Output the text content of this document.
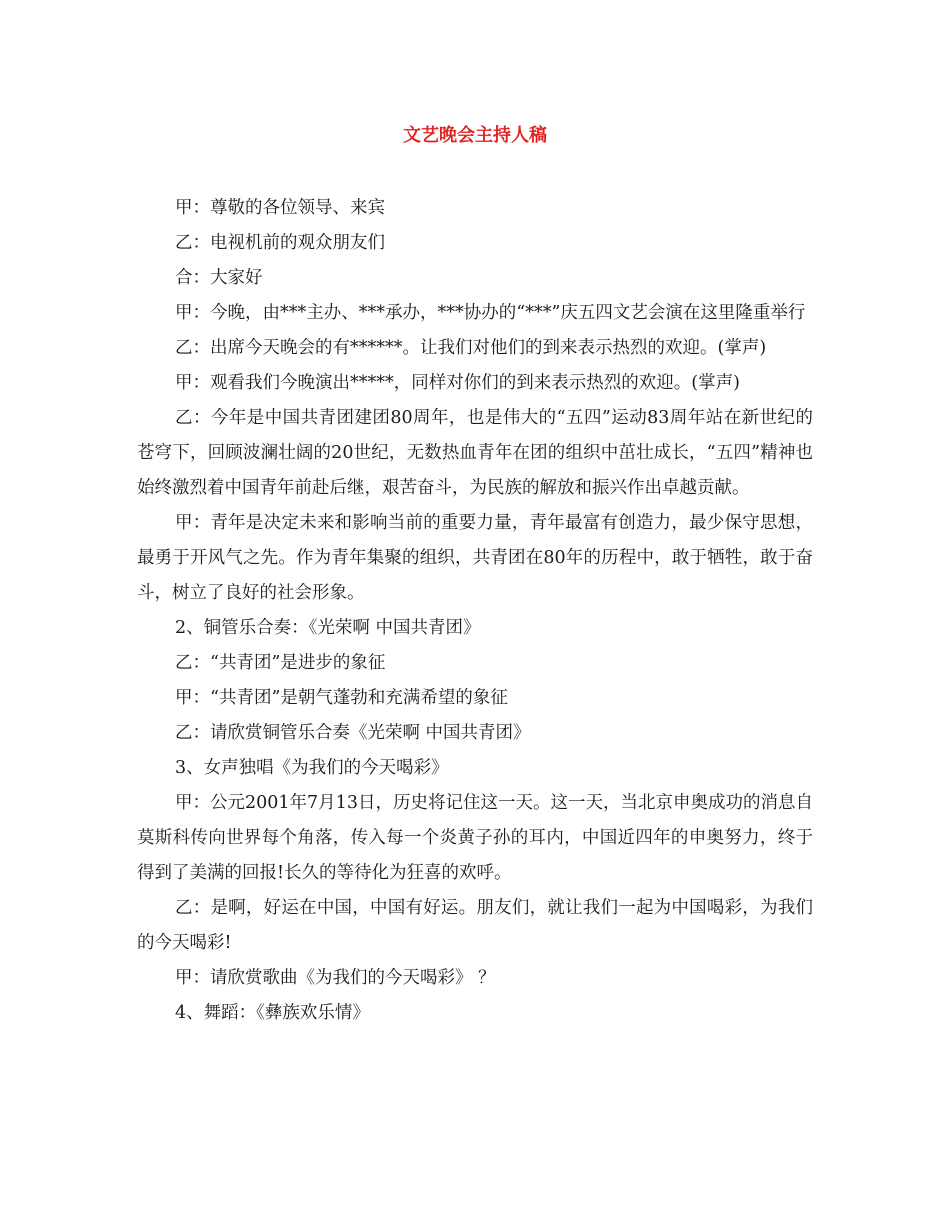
文艺晚会主持人稿

甲：尊敬的各位领导、来宾

乙：电视机前的观众朋友们

合：大家好

甲：今晚，由***主办、***承办，***协办的“***”庆五四文艺会演在这里隆重举行

乙：出席今天晚会的有******。让我们对他们的到来表示热烈的欢迎。(掌声)

甲：观看我们今晚演出*****，同样对你们的到来表示热烈的欢迎。(掌声)

乙：今年是中国共青团建团80周年，也是伟大的“五四”运动83周年站在新世纪的苍穹下，回顾波澜壮阔的20世纪，无数热血青年在团的组织中茁壮成长，“五四”精神也始终激烈着中国青年前赴后继，艰苦奋斗，为民族的解放和振兴作出卓越贡献。

甲：青年是决定未来和影响当前的重要力量，青年最富有创造力，最少保守思想，最勇于开风气之先。作为青年集聚的组织，共青团在80年的历程中，敢于牺牲，敢于奋斗，树立了良好的社会形象。

2、铜管乐合奏：《光荣啊 中国共青团》

乙：“共青团”是进步的象征

甲：“共青团”是朝气蓬勃和充满希望的象征

乙：请欣赏铜管乐合奏《光荣啊 中国共青团》

3、女声独唱《为我们的今天喝彩》

甲：公元2001年7月13日，历史将记住这一天。这一天，当北京申奥成功的消息自莫斯科传向世界每个角落，传入每一个炎黄子孙的耳内，中国近四年的申奥努力，终于得到了美满的回报!长久的等待化为狂喜的欢呼。

乙：是啊，好运在中国，中国有好运。朋友们，就让我们一起为中国喝彩，为我们的今天喝彩!

甲：请欣赏歌曲《为我们的今天喝彩》 ？

4、舞蹈：《彝族欢乐情》
